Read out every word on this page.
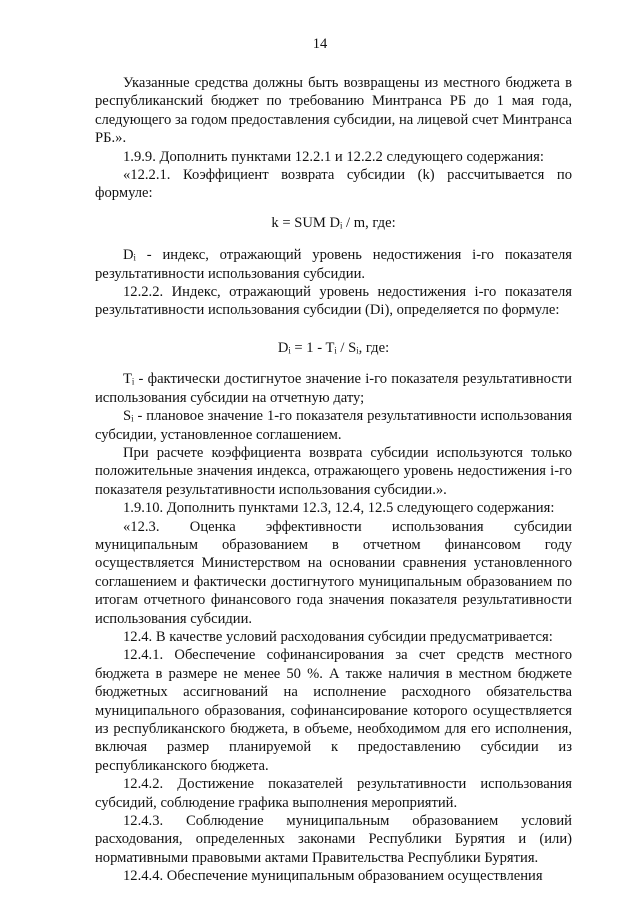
14

Указанные средства должны быть возвращены из местного бюджета в республиканский бюджет по требованию Минтранса РБ до 1 мая года, следующего за годом предоставления субсидии, на лицевой счет Минтранса РБ.».

1.9.9. Дополнить пунктами 12.2.1 и 12.2.2 следующего содержания:

«12.2.1. Коэффициент возврата субсидии (k) рассчитывается по формуле:

k = SUM Dᵢ / m, где:

Dᵢ - индекс, отражающий уровень недостижения i-го показателя результативности использования субсидии.

12.2.2. Индекс, отражающий уровень недостижения i-го показателя результативности использования субсидии (Di), определяется по формуле:

Dᵢ = 1 - Tᵢ / Sᵢ, где:

Tᵢ - фактически достигнутое значение i-го показателя результативности использования субсидии на отчетную дату;

Sᵢ - плановое значение 1-го показателя результативности использования субсидии, установленное соглашением.

При расчете коэффициента возврата субсидии используются только положительные значения индекса, отражающего уровень недостижения i-го показателя результативности использования субсидии.».

1.9.10. Дополнить пунктами 12.3, 12.4, 12.5 следующего содержания:

«12.3. Оценка эффективности использования субсидии муниципальным образованием в отчетном финансовом году осуществляется Министерством на основании сравнения установленного соглашением и фактически достигнутого муниципальным образованием по итогам отчетного финансового года значения показателя результативности использования субсидии.

12.4. В качестве условий расходования субсидии предусматривается:

12.4.1. Обеспечение софинансирования за счет средств местного бюджета в размере не менее 50 %. А также наличия в местном бюджете бюджетных ассигнований на исполнение расходного обязательства муниципального образования, софинансирование которого осуществляется из республиканского бюджета, в объеме, необходимом для его исполнения, включая размер планируемой к предоставлению субсидии из республиканского бюджета.

12.4.2. Достижение показателей результативности использования субсидий, соблюдение графика выполнения мероприятий.

12.4.3. Соблюдение муниципальным образованием условий расходования, определенных законами Республики Бурятия и (или) нормативными правовыми актами Правительства Республики Бурятия.

12.4.4. Обеспечение муниципальным образованием осуществления
